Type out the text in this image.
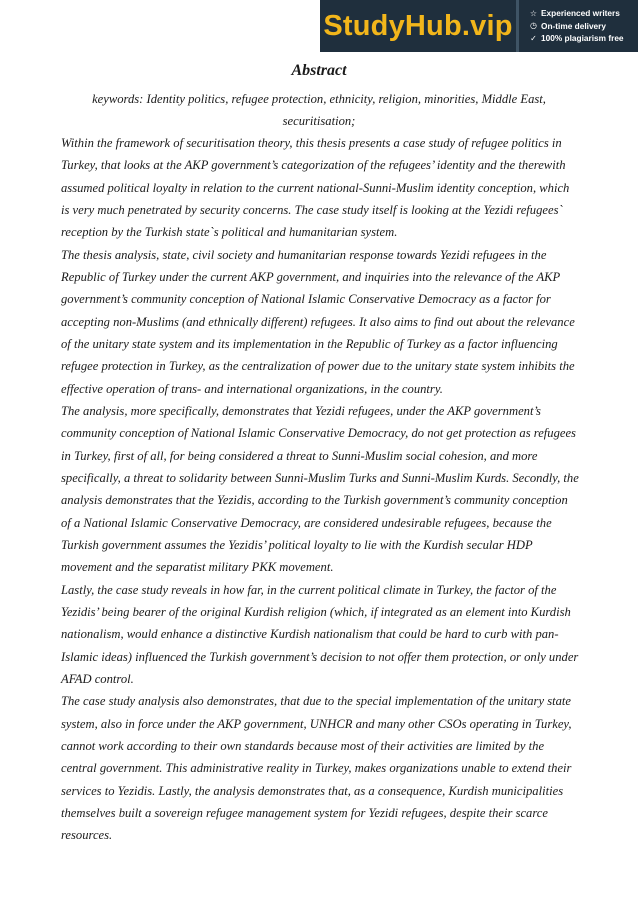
StudyHub.vip ☆ Experienced writers
◷ On-time delivery
✓ 100% plagiarism free
Abstract

keywords: Identity politics, refugee protection, ethnicity, religion, minorities, Middle East, securitisation;

Within the framework of securitisation theory, this thesis presents a case study of refugee politics in Turkey, that looks at the AKP government’s categorization of the refugees’ identity and the therewith assumed political loyalty in relation to the current national-Sunni-Muslim identity conception, which is very much penetrated by security concerns. The case study itself is looking at the Yezidi refugees` reception by the Turkish state`s political and humanitarian system.

The thesis analysis, state, civil society and humanitarian response towards Yezidi refugees in the Republic of Turkey under the current AKP government, and inquiries into the relevance of the AKP government’s community conception of National Islamic Conservative Democracy as a factor for accepting non-Muslims (and ethnically different) refugees. It also aims to find out about the relevance of the unitary state system and its implementation in the Republic of Turkey as a factor influencing refugee protection in Turkey, as the centralization of power due to the unitary state system inhibits the effective operation of trans- and international organizations, in the country.

The analysis, more specifically, demonstrates that Yezidi refugees, under the AKP government’s community conception of National Islamic Conservative Democracy, do not get protection as refugees in Turkey, first of all, for being considered a threat to Sunni-Muslim social cohesion, and more specifically, a threat to solidarity between Sunni-Muslim Turks and Sunni-Muslim Kurds. Secondly, the analysis demonstrates that the Yezidis, according to the Turkish government’s community conception of a National Islamic Conservative Democracy, are considered undesirable refugees, because the Turkish government assumes the Yezidis’ political loyalty to lie with the Kurdish secular HDP movement and the separatist military PKK movement.

Lastly, the case study reveals in how far, in the current political climate in Turkey, the factor of the Yezidis’ being bearer of the original Kurdish religion (which, if integrated as an element into Kurdish nationalism, would enhance a distinctive Kurdish nationalism that could be hard to curb with pan-Islamic ideas) influenced the Turkish government’s decision to not offer them protection, or only under AFAD control.

The case study analysis also demonstrates, that due to the special implementation of the unitary state system, also in force under the AKP government, UNHCR and many other CSOs operating in Turkey, cannot work according to their own standards because most of their activities are limited by the central government. This administrative reality in Turkey, makes organizations unable to extend their services to Yezidis. Lastly, the analysis demonstrates that, as a consequence, Kurdish municipalities themselves built a sovereign refugee management system for Yezidi refugees, despite their scarce resources.
